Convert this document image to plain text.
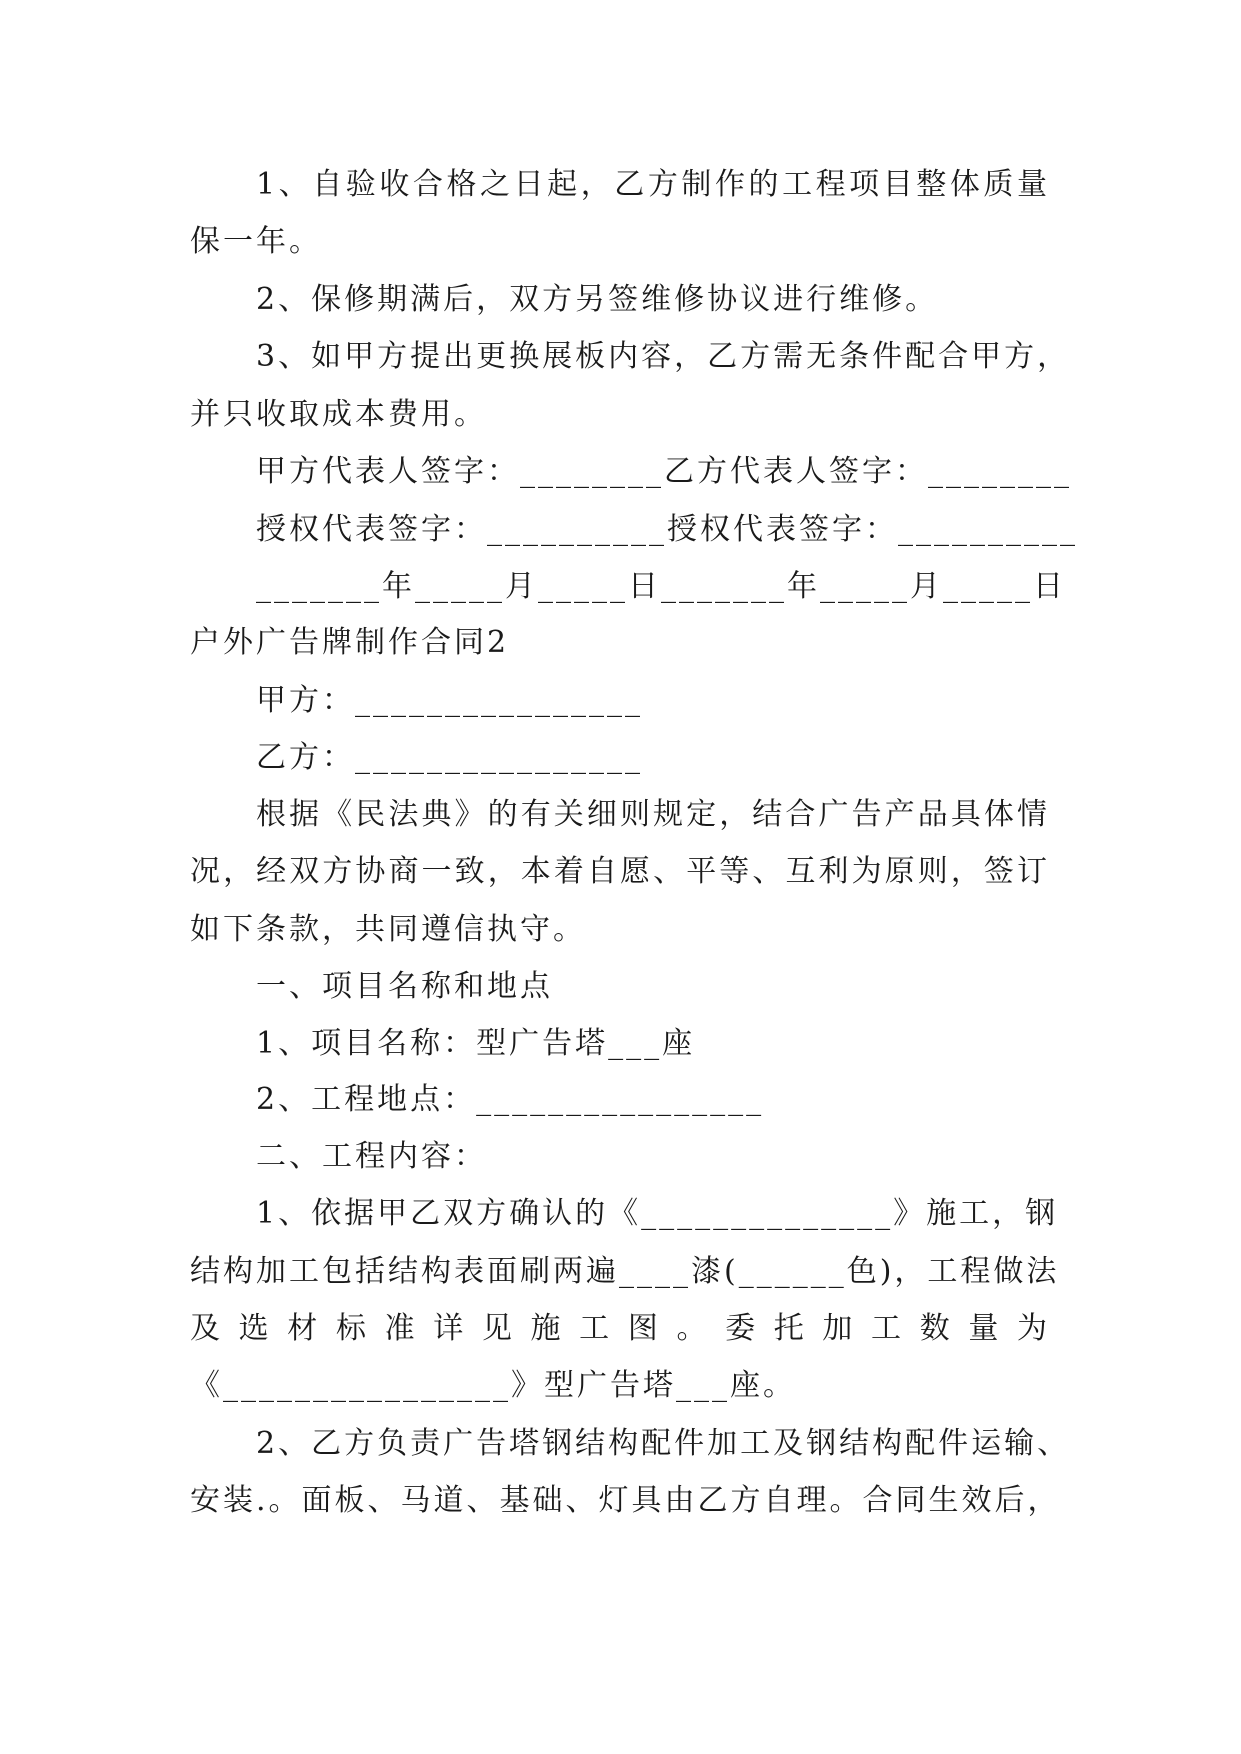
1、自验收合格之日起，乙方制作的工程项目整体质量
保一年。
2、保修期满后，双方另签维修协议进行维修。
3、如甲方提出更换展板内容，乙方需无条件配合甲方，
并只收取成本费用。
甲方代表人签字：________乙方代表人签字：________
授权代表签字：__________授权代表签字：__________
_______年_____月_____日_______年_____月_____日
户外广告牌制作合同2
甲方：________________
乙方：________________
根据《民法典》的有关细则规定，结合广告产品具体情
况，经双方协商一致，本着自愿、平等、互利为原则，签订
如下条款，共同遵信执守。
一、项目名称和地点
1、项目名称：型广告塔___座
2、工程地点：________________
二、工程内容：
1、依据甲乙双方确认的《______________》施工，钢
结构加工包括结构表面刷两遍____漆(______色)，工程做法
及选材标准详见施工图。委托加工数量为
《________________》型广告塔___座。
2、乙方负责广告塔钢结构配件加工及钢结构配件运输、
安装.。面板、马道、基础、灯具由乙方自理。合同生效后，
